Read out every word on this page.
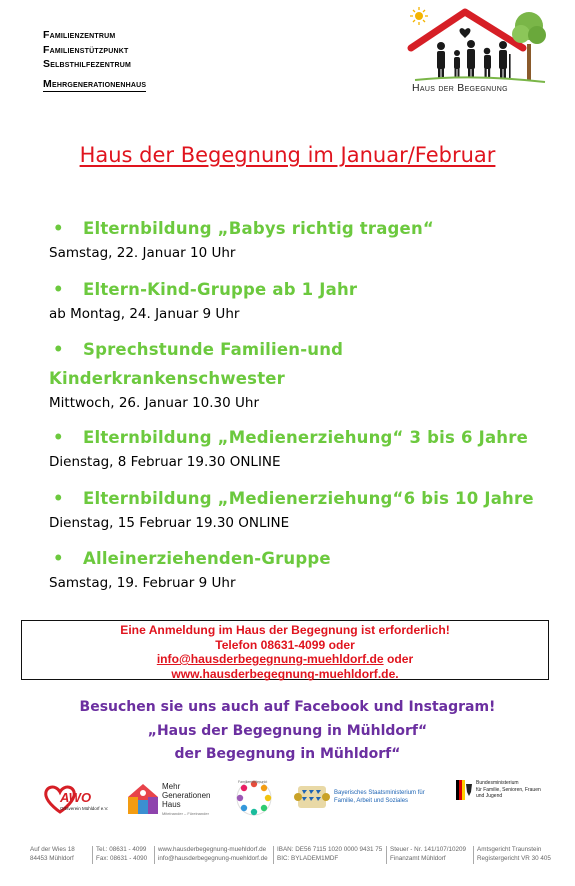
Familienzentrum
Familienstützpunkt
Selbsthilfezentrum
Mehrgenerationenhaus	Haus der Begegnung
Haus der Begegnung im Januar/Februar
• Elternbildung „Babys richtig tragen“
Samstag, 22. Januar 10 Uhr
• Eltern-Kind-Gruppe ab 1 Jahr
ab Montag, 24. Januar 9 Uhr
• Sprechstunde Familien-und Kinderkrankenschwester
Mittwoch, 26. Januar 10.30 Uhr
• Elternbildung „Medienerziehung“ 3 bis 6 Jahre
Dienstag, 8 Februar 19.30 ONLINE
• Elternbildung „Medienerziehung“6 bis 10 Jahre
Dienstag, 15 Februar 19.30 ONLINE
• Alleinerziehenden-Gruppe
Samstag, 19. Februar 9 Uhr
Eine Anmeldung im Haus der Begegnung ist erforderlich!
Telefon 08631-4099 oder
info@hausderbegegnung-muehldorf.de oder
www.hausderbegegnung-muehldorf.de.
Besuchen sie uns auch auf Facebook und Instagram!
„Haus der Begegnung in Mühldorf“
der Begegnung in Mühldorf“
AWO
Ortsverein Mühldorf e.V.
Mehr
Generationen
Haus
Miteinander – Füreinander
Familienstützpunkt
Bayerisches Staatsministerium für
Familie, Arbeit und Soziales
Bundesministerium
für Familie, Senioren, Frauen
und Jugend
Auf der Wies 18
84453 Mühldorf
Tel.: 08631 - 4099
Fax: 08631 - 4090
www.hausderbegegnung-muehldorf.de
info@hausderbegegnung-muehldorf.de
IBAN: DE56 7115 1020 0000 9431 75
BIC: BYLADEM1MDF
Steuer - Nr. 141/107/10209
Finanzamt Mühldorf
Amtsgericht Traunstein
Registergericht VR 30 405
